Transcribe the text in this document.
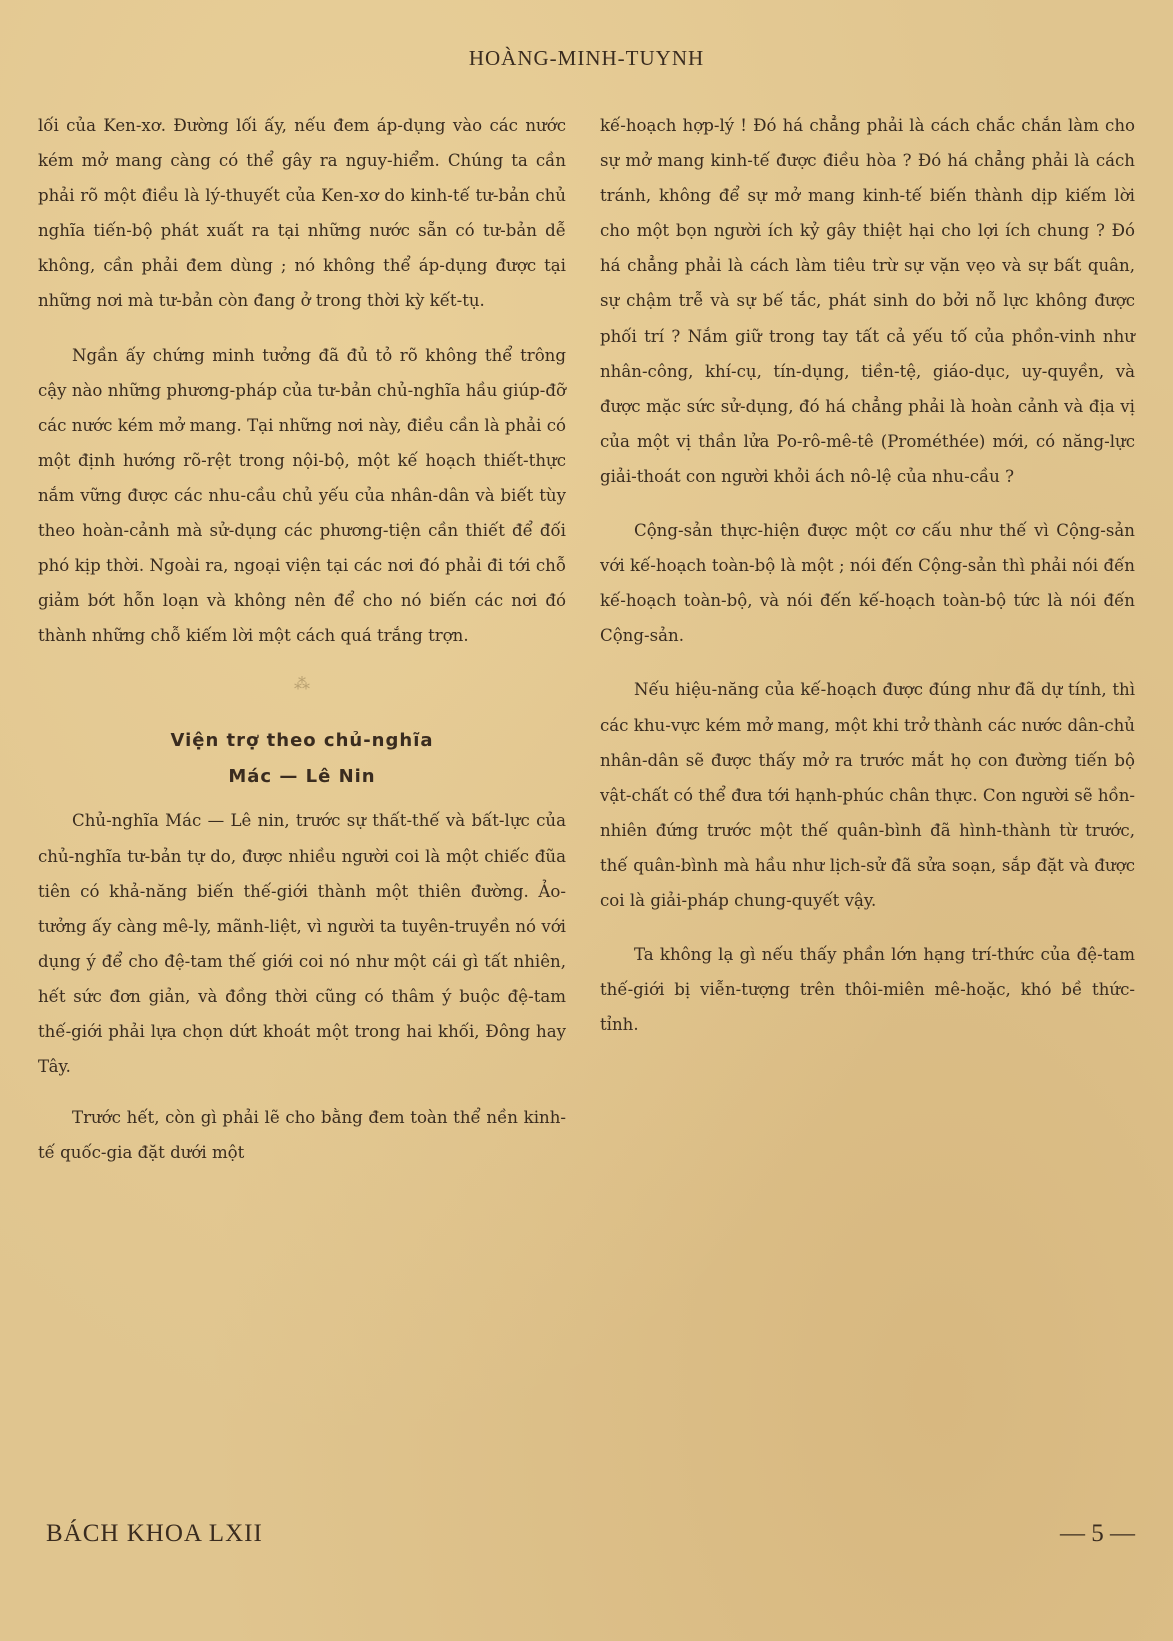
HOÀNG-MINH-TUYNH

lối của Ken-xơ. Đường lối ấy, nếu đem áp-dụng vào các nước kém mở mang càng có thể gây ra nguy-hiểm. Chúng ta cần phải rõ một điều là lý-thuyết của Ken-xơ do kinh-tế tư-bản chủ nghĩa tiến-bộ phát xuất ra tại những nước sẵn có tư-bản dễ không, cần phải đem dùng ; nó không thể áp-dụng được tại những nơi mà tư-bản còn đang ở trong thời kỳ kết-tụ.

Ngần ấy chứng minh tưởng đã đủ tỏ rõ không thể trông cậy nào những phương-pháp của tư-bản chủ-nghĩa hầu giúp-đỡ các nước kém mở mang. Tại những nơi này, điều cần là phải có một định hướng rõ-rệt trong nội-bộ, một kế hoạch thiết-thực nắm vững được các nhu-cầu chủ yếu của nhân-dân và biết tùy theo hoàn-cảnh mà sử-dụng các phương-tiện cần thiết để đối phó kịp thời. Ngoài ra, ngoại viện tại các nơi đó phải đi tới chỗ giảm bớt hỗn loạn và không nên để cho nó biến các nơi đó thành những chỗ kiếm lời một cách quá trắng trợn.

⁂
Viện trợ theo chủ-nghĩa
Mác — Lê Nin

Chủ-nghĩa Mác — Lê nin, trước sự thất-thế và bất-lực của chủ-nghĩa tư-bản tự do, được nhiều người coi là một chiếc đũa tiên có khả-năng biến thế-giới thành một thiên đường. Ảo-tưởng ấy càng mê-ly, mãnh-liệt, vì người ta tuyên-truyền nó với dụng ý để cho đệ-tam thế giới coi nó như một cái gì tất nhiên, hết sức đơn giản, và đồng thời cũng có thâm ý buộc đệ-tam thế-giới phải lựa chọn dứt khoát một trong hai khối, Đông hay Tây.

Trước hết, còn gì phải lẽ cho bằng đem toàn thể nền kinh-tế quốc-gia đặt dưới một

kế-hoạch hợp-lý ! Đó há chẳng phải là cách chắc chắn làm cho sự mở mang kinh-tế được điều hòa ? Đó há chẳng phải là cách tránh, không để sự mở mang kinh-tế biến thành dịp kiếm lời cho một bọn người ích kỷ gây thiệt hại cho lợi ích chung ? Đó há chẳng phải là cách làm tiêu trừ sự vặn vẹo và sự bất quân, sự chậm trễ và sự bế tắc, phát sinh do bởi nỗ lực không được phối trí ? Nắm giữ trong tay tất cả yếu tố của phồn-vinh như nhân-công, khí-cụ, tín-dụng, tiền-tệ, giáo-dục, uy-quyền, và được mặc sức sử-dụng, đó há chẳng phải là hoàn cảnh và địa vị của một vị thần lửa Po-rô-mê-tê (Prométhée) mới, có năng-lực giải-thoát con người khỏi ách nô-lệ của nhu-cầu ?

Cộng-sản thực-hiện được một cơ cấu như thế vì Cộng-sản với kế-hoạch toàn-bộ là một ; nói đến Cộng-sản thì phải nói đến kế-hoạch toàn-bộ, và nói đến kế-hoạch toàn-bộ tức là nói đến Cộng-sản.

Nếu hiệu-năng của kế-hoạch được đúng như đã dự tính, thì các khu-vực kém mở mang, một khi trở thành các nước dân-chủ nhân-dân sẽ được thấy mở ra trước mắt họ con đường tiến bộ vật-chất có thể đưa tới hạnh-phúc chân thực. Con người sẽ hồn-nhiên đứng trước một thế quân-bình đã hình-thành từ trước, thế quân-bình mà hầu như lịch-sử đã sửa soạn, sắp đặt và được coi là giải-pháp chung-quyết vậy.

Ta không lạ gì nếu thấy phần lớn hạng trí-thức của đệ-tam thế-giới bị viễn-tượng trên thôi-miên mê-hoặc, khó bề thức-tỉnh.

BÁCH KHOA LXII	— 5 —
